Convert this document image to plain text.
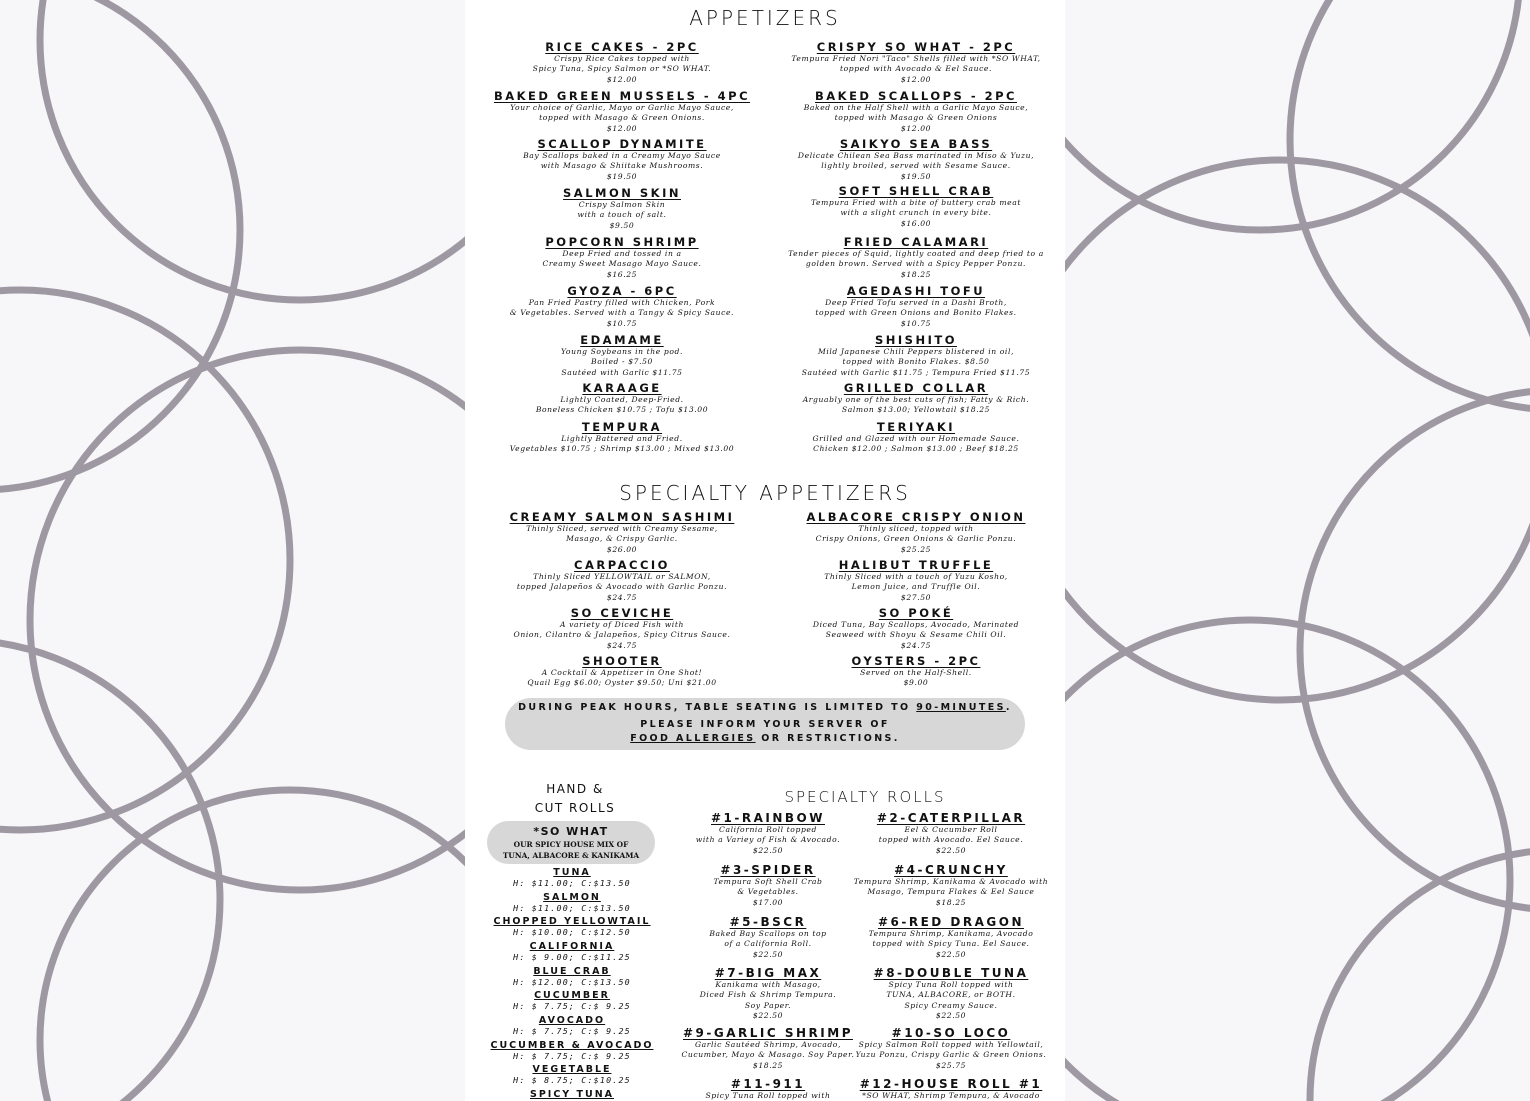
APPETIZERS
RICE CAKES - 2PC
Crispy Rice Cakes topped with
Spicy Tuna, Spicy Salmon or *SO WHAT.
$12.00
BAKED GREEN MUSSELS - 4PC
Your choice of Garlic, Mayo or Garlic Mayo Sauce,
topped with Masago & Green Onions.
$12.00
SCALLOP DYNAMITE
Bay Scallops baked in a Creamy Mayo Sauce
with Masago & Shiitake Mushrooms.
$19.50
SALMON SKIN
Crispy Salmon Skin
with a touch of salt.
$9.50
POPCORN SHRIMP
Deep Fried and tossed in a
Creamy Sweet Masago Mayo Sauce.
$16.25
GYOZA - 6PC
Pan Fried Pastry filled with Chicken, Pork
& Vegetables. Served with a Tangy & Spicy Sauce.
$10.75
EDAMAME
Young Soybeans in the pod.
Boiled - $7.50
Sautéed with Garlic $11.75
KARAAGE
Lightly Coated, Deep-Fried.
Boneless Chicken $10.75 ; Tofu $13.00
TEMPURA
Lightly Battered and Fried.
Vegetables $10.75 ; Shrimp $13.00 ; Mixed $13.00
CRISPY SO WHAT - 2PC
Tempura Fried Nori "Taco" Shells filled with *SO WHAT,
topped with Avocado & Eel Sauce.
$12.00
BAKED SCALLOPS - 2PC
Baked on the Half Shell with a Garlic Mayo Sauce,
topped with Masago & Green Onions
$12.00
SAIKYO SEA BASS
Delicate Chilean Sea Bass marinated in Miso & Yuzu,
lightly broiled, served with Sesame Sauce.
$19.50
SOFT SHELL CRAB
Tempura Fried with a bite of buttery crab meat
with a slight crunch in every bite.
$16.00
FRIED CALAMARI
Tender pieces of Squid, lightly coated and deep fried to a
golden brown. Served with a Spicy Pepper Ponzu.
$18.25
AGEDASHI TOFU
Deep Fried Tofu served in a Dashi Broth,
topped with Green Onions and Bonito Flakes.
$10.75
SHISHITO
Mild Japanese Chili Peppers blistered in oil,
topped with Bonito Flakes. $8.50
Sautéed with Garlic $11.75 ; Tempura Fried $11.75
GRILLED COLLAR
Arguably one of the best cuts of fish; Fatty & Rich.
Salmon $13.00; Yellowtail $18.25
TERIYAKI
Grilled and Glazed with our Homemade Sauce.
Chicken $12.00 ; Salmon $13.00 ; Beef $18.25
SPECIALTY APPETIZERS
CREAMY SALMON SASHIMI
Thinly Sliced, served with Creamy Sesame,
Masago, & Crispy Garlic.
$26.00
CARPACCIO
Thinly Sliced YELLOWTAIL or SALMON,
topped Jalapeños & Avocado with Garlic Ponzu.
$24.75
SO CEVICHE
A variety of Diced Fish with
Onion, Cilantro & Jalapeños, Spicy Citrus Sauce.
$24.75
SHOOTER
A Cocktail & Appetizer in One Shot!
Quail Egg $6.00; Oyster $9.50; Uni $21.00
ALBACORE CRISPY ONION
Thinly sliced, topped with
Crispy Onions, Green Onions & Garlic Ponzu.
$25.25
HALIBUT TRUFFLE
Thinly Sliced with a touch of Yuzu Kosho,
Lemon Juice, and Truffle Oil.
$27.50
SO POKÉ
Diced Tuna, Bay Scallops, Avocado, Marinated
Seaweed with Shoyu & Sesame Chili Oil.
$24.75
OYSTERS - 2PC
Served on the Half-Shell.
$9.00
DURING PEAK HOURS, TABLE SEATING IS LIMITED TO 90-MINUTES.
PLEASE INFORM YOUR SERVER OF
FOOD ALLERGIES OR RESTRICTIONS.
HAND &
CUT ROLLS
*SO WHAT
OUR SPICY HOUSE MIX OF
TUNA, ALBACORE & KANIKAMA
TUNA
H: $11.00; C:$13.50
SALMON
H: $11.00; C:$13.50
CHOPPED YELLOWTAIL
H: $10.00; C:$12.50
CALIFORNIA
H: $ 9.00; C:$11.25
BLUE CRAB
H: $12.00; C:$13.50
CUCUMBER
H: $ 7.75; C:$ 9.25
AVOCADO
H: $ 7.75; C:$ 9.25
CUCUMBER & AVOCADO
H: $ 7.75; C:$ 9.25
VEGETABLE
H: $ 8.75; C:$10.25
SPICY TUNA
SPECIALTY ROLLS
#1-RAINBOW
California Roll topped
with a Variey of Fish & Avocado.
$22.50
#3-SPIDER
Tempura Soft Shell Crab
& Vegetables.
$17.00
#5-BSCR
Baked Bay Scallops on top
of a California Roll.
$22.50
#7-BIG MAX
Kanikama with Masago,
Diced Fish & Shrimp Tempura.
Soy Paper.
$22.50
#9-GARLIC SHRIMP
Garlic Sautéed Shrimp, Avocado,
Cucumber, Mayo & Masago. Soy Paper.
$18.25
#11-911
Spicy Tuna Roll topped with
#2-CATERPILLAR
Eel & Cucumber Roll
topped with Avocado. Eel Sauce.
$22.50
#4-CRUNCHY
Tempura Shrimp, Kanikama & Avocado with
Masago, Tempura Flakes & Eel Sauce
$18.25
#6-RED DRAGON
Tempura Shrimp, Kanikama, Avocado
topped with Spicy Tuna. Eel Sauce.
$22.50
#8-DOUBLE TUNA
Spicy Tuna Roll topped with
TUNA, ALBACORE, or BOTH.
Spicy Creamy Sauce.
$22.50
#10-SO LOCO
Spicy Salmon Roll topped with Yellowtail,
Yuzu Ponzu, Crispy Garlic & Green Onions.
$25.75
#12-HOUSE ROLL #1
*SO WHAT, Shrimp Tempura, & Avocado
